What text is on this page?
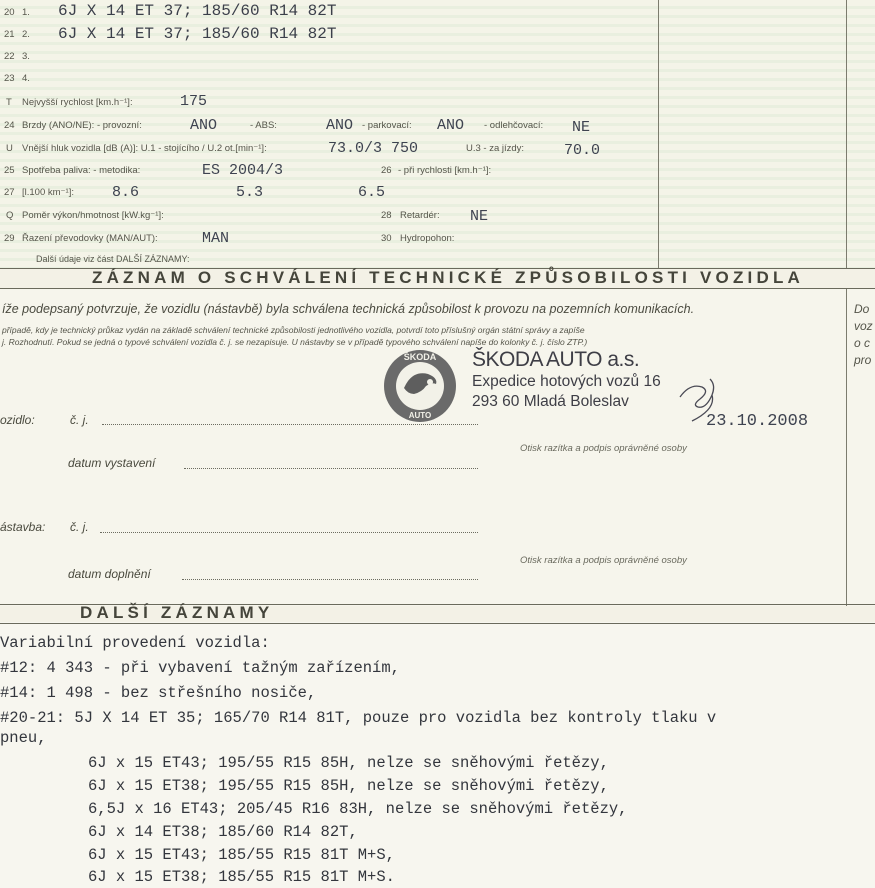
20 1. 6J X 14 ET 37; 185/60 R14 82T
21 2. 6J X 14 ET 37; 185/60 R14 82T
22 3.
23 4.
T Nejvyšší rychlost [km.h⁻¹]:	175
24 Brzdy (ANO/NE): - provozní:	ANO	- ABS:	ANO - parkovací: ANO - odlehčovací: NE
U Vnější hluk vozidla [dB (A)]: U.1 - stojícího / U.2 ot.[min⁻¹]:	73.0/3 750	U.3 - za jízdy:	70.0
25 Spotřeba paliva: - metodika:	ES 2004/3	26 - při rychlosti [km.h⁻¹]:
27 [l.100 km⁻¹]:	8.6	5.3	6.5
Q Poměr výkon/hmotnost [kW.kg⁻¹]:	28 Retardér: NE
29 Řazení převodovky (MAN/AUT):	MAN	30 Hydropohon:
Další údaje viz část DALŠÍ ZÁZNAMY:
ZÁZNAM O SCHVÁLENÍ TECHNICKÉ ZPŮSOBILOSTI VOZIDLA
íže podepsaný potvrzuje, že vozidlu (nástavbě) byla schválena technická způsobilost k provozu na pozemních komunikacích.
případě, kdy je technický průkaz vydán na základě schválení technické způsobilosti jednotlivého vozidla, potvrdí toto příslušný orgán státní správy a zapíše
j. Rozhodnutí. Pokud se jedná o typové schválení vozidla č. j. se nezapisuje. U nástavby se v případě typového schválení napíše do kolonky č. j. číslo ZTP.)
Do
voz
o c
pro
ŠKODA
AUTO
ŠKODA AUTO a.s.
Expedice hotových vozů 16
293 60 Mladá Boleslav
23.10.2008
ozidlo:	č. j.
Otisk razítka a podpis oprávněné osoby
datum vystavení
ástavba: č. j.
Otisk razítka a podpis oprávněné osoby
datum doplnění
DALŠÍ ZÁZNAMY
Variabilní provedení vozidla:
#12: 4 343 - při vybavení tažným zařízením,
#14: 1 498 - bez střešního nosiče,
#20-21: 5J X 14 ET 35; 165/70 R14 81T, pouze pro vozidla bez kontroly tlaku v
pneu,
6J x 15 ET43; 195/55 R15 85H, nelze se sněhovými řetězy,
6J x 15 ET38; 195/55 R15 85H, nelze se sněhovými řetězy,
6,5J x 16 ET43; 205/45 R16 83H, nelze se sněhovými řetězy,
6J x 14 ET38; 185/60 R14 82T,
6J x 15 ET43; 185/55 R15 81T M+S,
6J x 15 ET38; 185/55 R15 81T M+S.
